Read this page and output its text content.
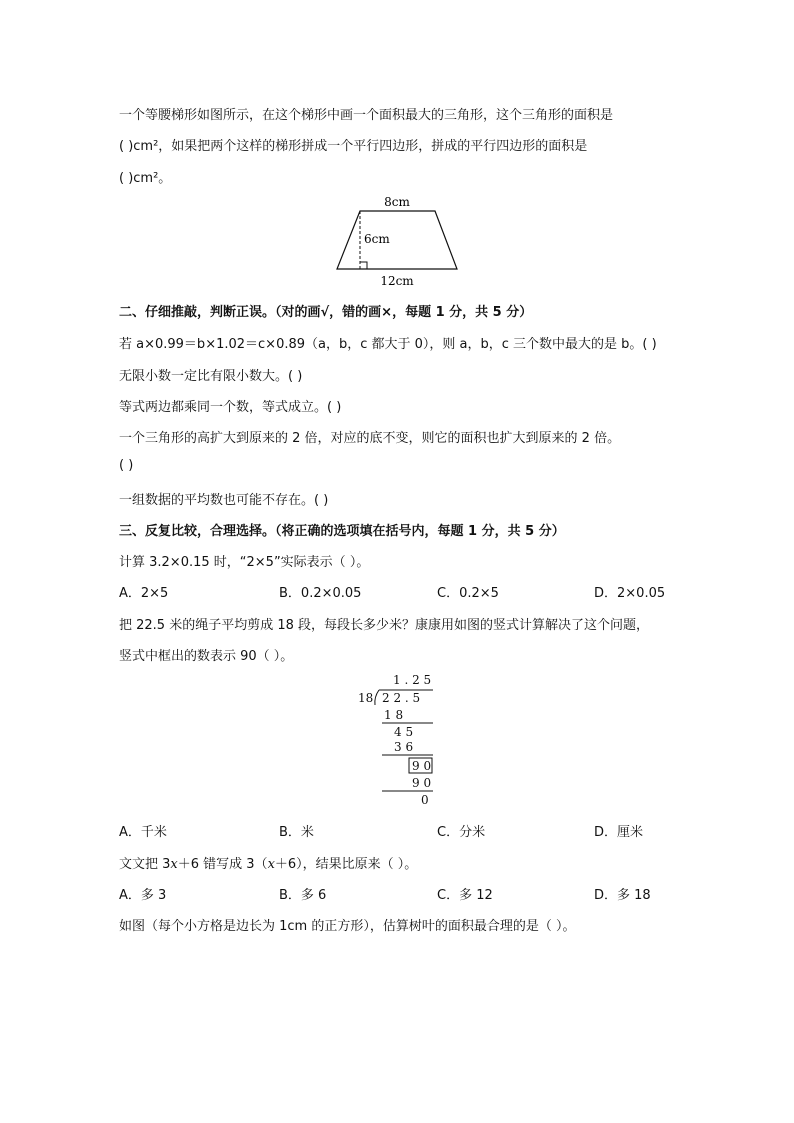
一个等腰梯形如图所示，在这个梯形中画一个面积最大的三角形，这个三角形的面积是
( )cm²，如果把两个这样的梯形拼成一个平行四边形，拼成的平行四边形的面积是
( )cm²。
8cm
6cm
12cm
二、仔细推敲，判断正误。（对的画√，错的画×，每题 1 分，共 5 分）
若 a×0.99＝b×1.02＝c×0.89（a，b，c 都大于 0），则 a，b，c 三个数中最大的是 b。( )
无限小数一定比有限小数大。( )
等式两边都乘同一个数，等式成立。( )
一个三角形的高扩大到原来的 2 倍，对应的底不变，则它的面积也扩大到原来的 2 倍。
( )
一组数据的平均数也可能不存在。( )
三、反复比较，合理选择。（将正确的选项填在括号内，每题 1 分，共 5 分）
计算 3.2×0.15 时，“2×5”实际表示（ ）。
A．2×5	B．0.2×0.05	C．0.2×5	D．2×0.05
把 22.5 米的绳子平均剪成 18 段，每段长多少米？康康用如图的竖式计算解决了这个问题，
竖式中框出的数表示 90（ ）。
1 . 2 5
18 2 2 . 5
1 8
4 5
3 6
9 0
9 0
0
A．千米	B．米	C．分米	D．厘米
文文把 3x＋6 错写成 3（x＋6），结果比原来（ ）。
A．多 3	B．多 6	C．多 12	D．多 18
如图（每个小方格是边长为 1cm 的正方形），估算树叶的面积最合理的是（ ）。
